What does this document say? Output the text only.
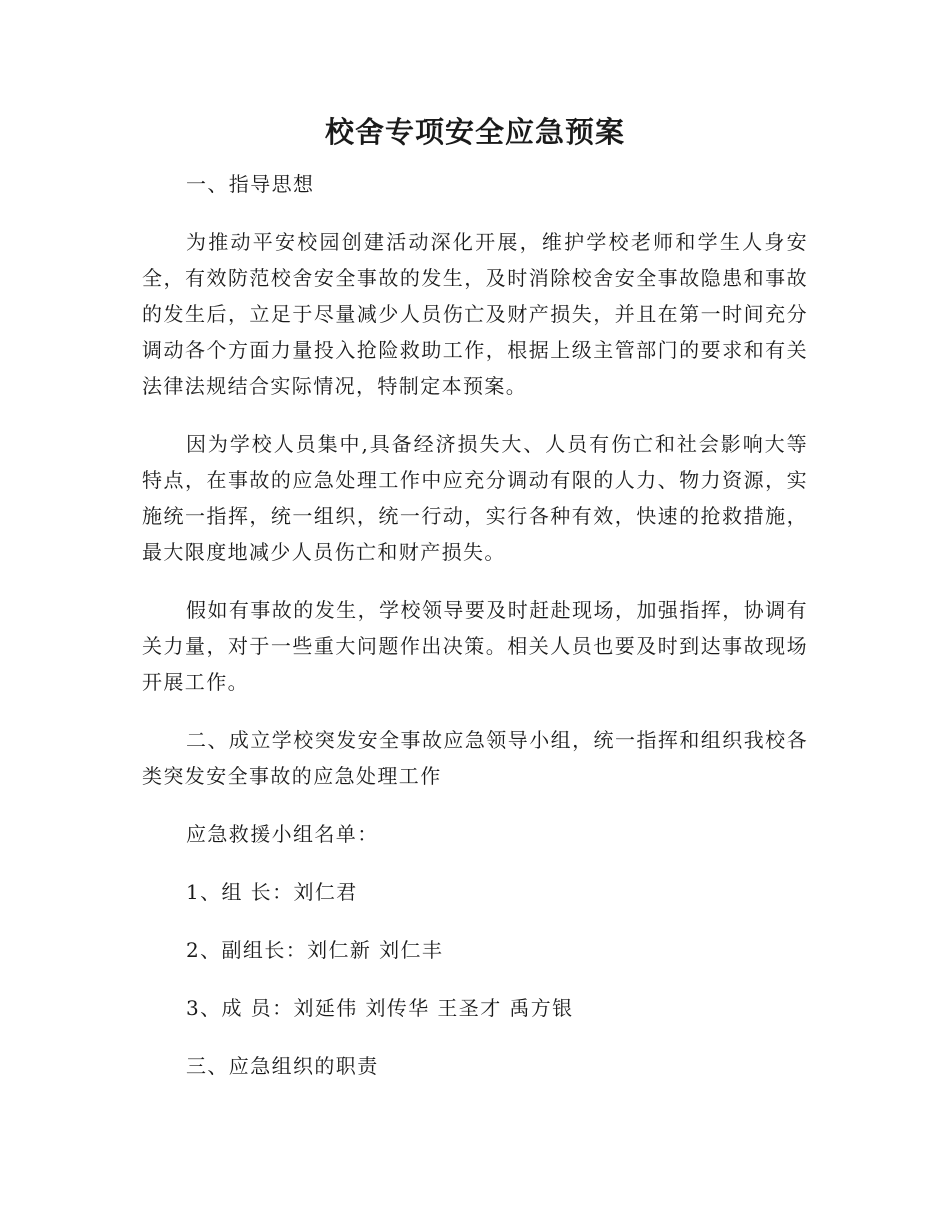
校舍专项安全应急预案

一、指导思想

为推动平安校园创建活动深化开展，维护学校老师和学生人身安全，有效防范校舍安全事故的发生，及时消除校舍安全事故隐患和事故的发生后，立足于尽量减少人员伤亡及财产损失，并且在第一时间充分调动各个方面力量投入抢险救助工作，根据上级主管部门的要求和有关法律法规结合实际情况，特制定本预案。

因为学校人员集中,具备经济损失大、人员有伤亡和社会影响大等特点，在事故的应急处理工作中应充分调动有限的人力、物力资源，实施统一指挥，统一组织，统一行动，实行各种有效，快速的抢救措施，最大限度地减少人员伤亡和财产损失。

假如有事故的发生，学校领导要及时赶赴现场，加强指挥，协调有关力量，对于一些重大问题作出决策。相关人员也要及时到达事故现场开展工作。

二、成立学校突发安全事故应急领导小组，统一指挥和组织我校各类突发安全事故的应急处理工作

应急救援小组名单：

1、组 长：刘仁君

2、副组长：刘仁新 刘仁丰

3、成 员：刘延伟 刘传华 王圣才 禹方银

三、应急组织的职责
